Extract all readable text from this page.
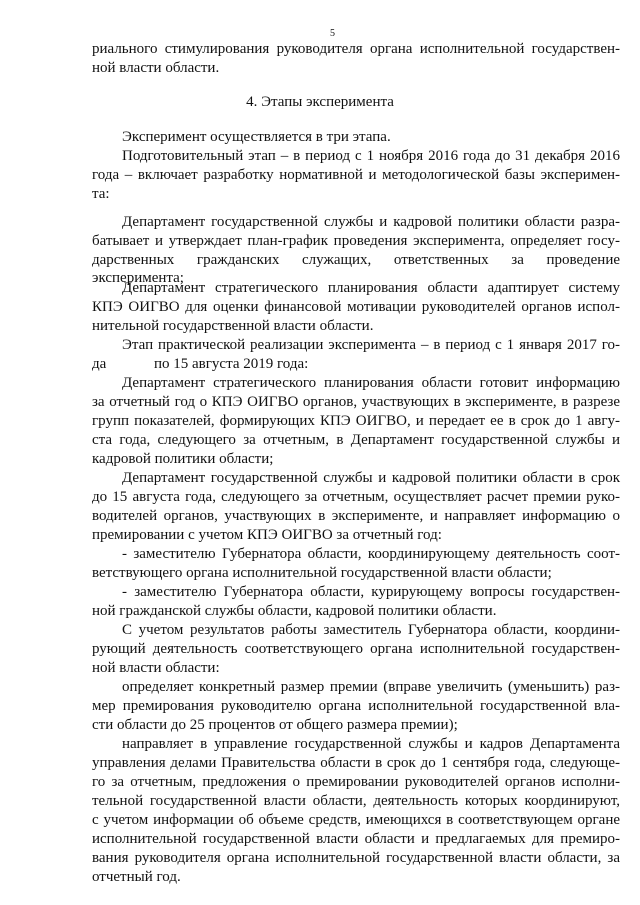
5
риального стимулирования руководителя органа исполнительной государствен-
ной власти области.
4. Этапы эксперимента
Эксперимент осуществляется в три этапа.
Подготовительный этап – в период с 1 ноября 2016 года до 31 декабря 2016
года – включает разработку нормативной и методологической базы эксперимен-
та:
Департамент государственной службы и кадровой политики области разра-
батывает и утверждает план-график проведения эксперимента, определяет госу-
дарственных гражданских служащих, ответственных за проведение эксперимента;
Департамент стратегического планирования области адаптирует систему
КПЭ ОИГВО для оценки финансовой мотивации руководителей органов испол-
нительной государственной власти области.
Этап практической реализации эксперимента – в период с 1 января 2017 го-
да	по 15 августа 2019 года:
Департамент стратегического планирования области готовит информацию
за отчетный год о КПЭ ОИГВО органов, участвующих в эксперименте, в разрезе
групп показателей, формирующих КПЭ ОИГВО, и передает ее в срок до 1 авгу-
ста года, следующего за отчетным, в Департамент государственной службы и
кадровой политики области;
Департамент государственной службы и кадровой политики области в срок
до 15 августа года, следующего за отчетным, осуществляет расчет премии руко-
водителей органов, участвующих в эксперименте, и направляет информацию о
премировании с учетом КПЭ ОИГВО за отчетный год:
- заместителю Губернатора области, координирующему деятельность соот-
ветствующего органа исполнительной государственной власти области;
- заместителю Губернатора области, курирующему вопросы государствен-
ной гражданской службы области, кадровой политики области.
С учетом результатов работы заместитель Губернатора области, координи-
рующий деятельность соответствующего органа исполнительной государствен-
ной власти области:
определяет конкретный размер премии (вправе увеличить (уменьшить) раз-
мер премирования руководителю органа исполнительной государственной вла-
сти области до 25 процентов от общего размера премии);
направляет в управление государственной службы и кадров Департамента
управления делами Правительства области в срок до 1 сентября года, следующе-
го за отчетным, предложения о премировании руководителей органов исполни-
тельной государственной власти области, деятельность которых координируют,
с учетом информации об объеме средств, имеющихся в соответствующем органе
исполнительной государственной власти области и предлагаемых для премиро-
вания руководителя органа исполнительной государственной власти области, за
отчетный год.
